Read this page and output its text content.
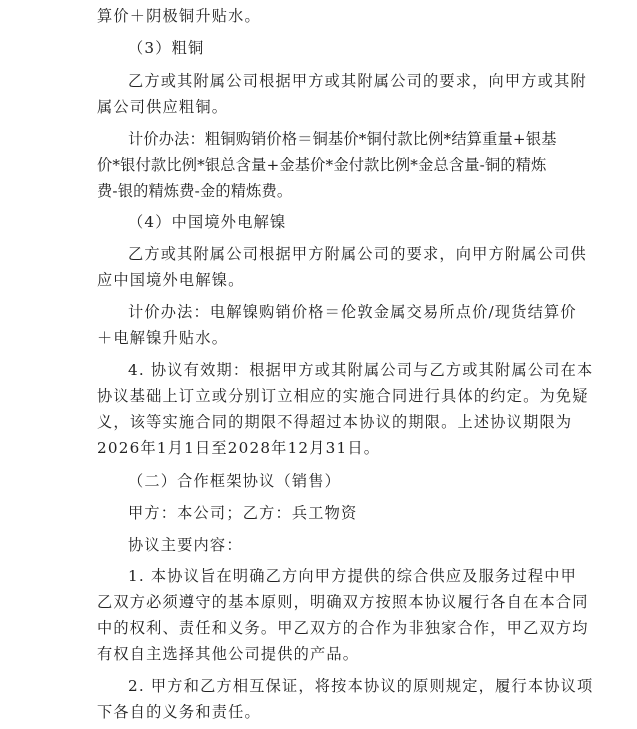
算价＋阴极铜升贴水。
（3）粗铜
乙方或其附属公司根据甲方或其附属公司的要求，向甲方或其附
属公司供应粗铜。
计价办法：粗铜购销价格＝铜基价*铜付款比例*结算重量+银基
价*银付款比例*银总含量+金基价*金付款比例*金总含量-铜的精炼
费-银的精炼费-金的精炼费。
（4）中国境外电解镍
乙方或其附属公司根据甲方附属公司的要求，向甲方附属公司供
应中国境外电解镍。
计价办法：电解镍购销价格＝伦敦金属交易所点价/现货结算价
＋电解镍升贴水。
4. 协议有效期：根据甲方或其附属公司与乙方或其附属公司在本
协议基础上订立或分别订立相应的实施合同进行具体的约定。为免疑
义，该等实施合同的期限不得超过本协议的期限。上述协议期限为
2026年1月1日至2028年12月31日。
（二）合作框架协议（销售）
甲方：本公司；乙方：兵工物资
协议主要内容：
1. 本协议旨在明确乙方向甲方提供的综合供应及服务过程中甲
乙双方必须遵守的基本原则，明确双方按照本协议履行各自在本合同
中的权利、责任和义务。甲乙双方的合作为非独家合作，甲乙双方均
有权自主选择其他公司提供的产品。
2. 甲方和乙方相互保证，将按本协议的原则规定，履行本协议项
下各自的义务和责任。
